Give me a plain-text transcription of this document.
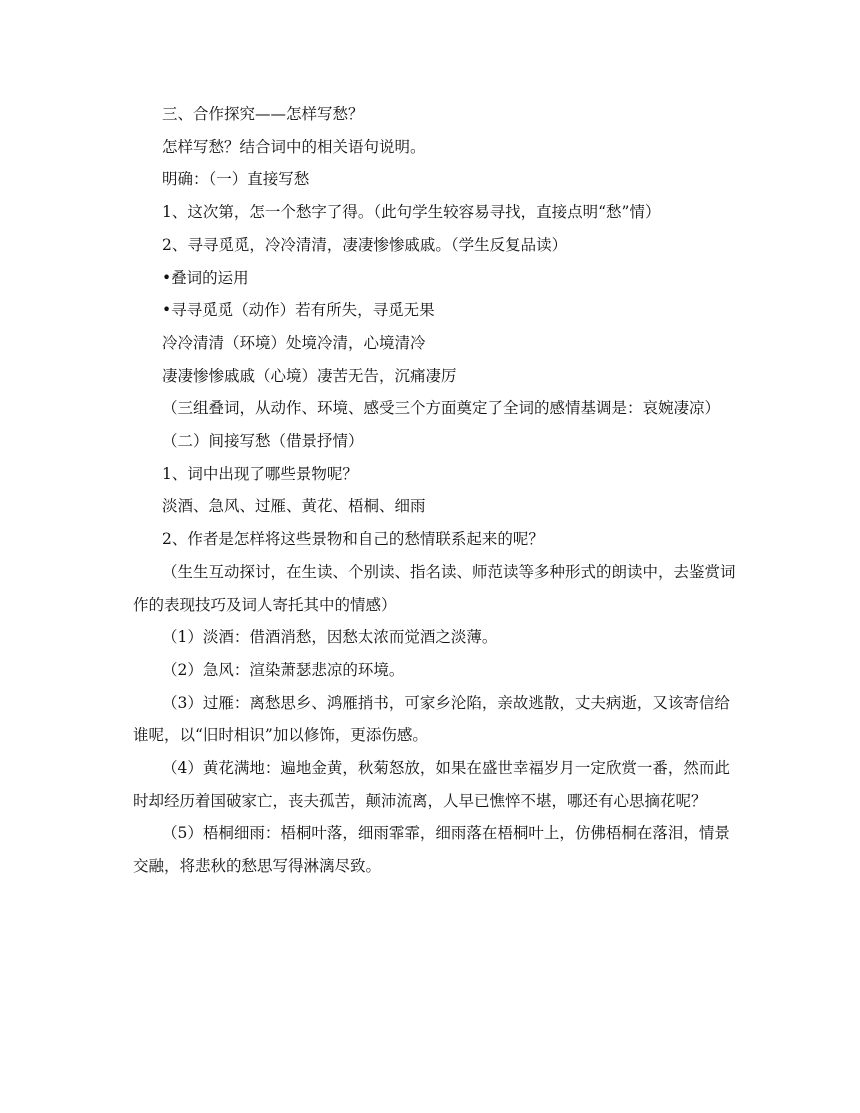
三、合作探究——怎样写愁？
怎样写愁？结合词中的相关语句说明。
明确：（一）直接写愁
1、这次第，怎一个愁字了得。（此句学生较容易寻找，直接点明“愁”情）
2、寻寻觅觅，冷冷清清，凄凄惨惨戚戚。（学生反复品读）
•叠词的运用
•寻寻觅觅（动作）若有所失，寻觅无果
冷冷清清（环境）处境冷清，心境清冷
凄凄惨惨戚戚（心境）凄苦无告，沉痛凄厉
（三组叠词，从动作、环境、感受三个方面奠定了全词的感情基调是：哀婉凄凉）
（二）间接写愁（借景抒情）
1、词中出现了哪些景物呢？
淡酒、急风、过雁、黄花、梧桐、细雨
2、作者是怎样将这些景物和自己的愁情联系起来的呢？
（生生互动探讨，在生读、个别读、指名读、师范读等多种形式的朗读中，去鉴赏词作的表现技巧及词人寄托其中的情感）
（1）淡酒：借酒消愁，因愁太浓而觉酒之淡薄。
（2）急风：渲染萧瑟悲凉的环境。
（3）过雁：离愁思乡、鸿雁捎书，可家乡沦陷，亲故逃散，丈夫病逝，又该寄信给谁呢，以“旧时相识”加以修饰，更添伤感。
（4）黄花满地：遍地金黄，秋菊怒放，如果在盛世幸福岁月一定欣赏一番，然而此时却经历着国破家亡，丧夫孤苦，颠沛流离，人早已憔悴不堪，哪还有心思摘花呢？
（5）梧桐细雨：梧桐叶落，细雨霏霏，细雨落在梧桐叶上，仿佛梧桐在落泪，情景交融，将悲秋的愁思写得淋漓尽致。
